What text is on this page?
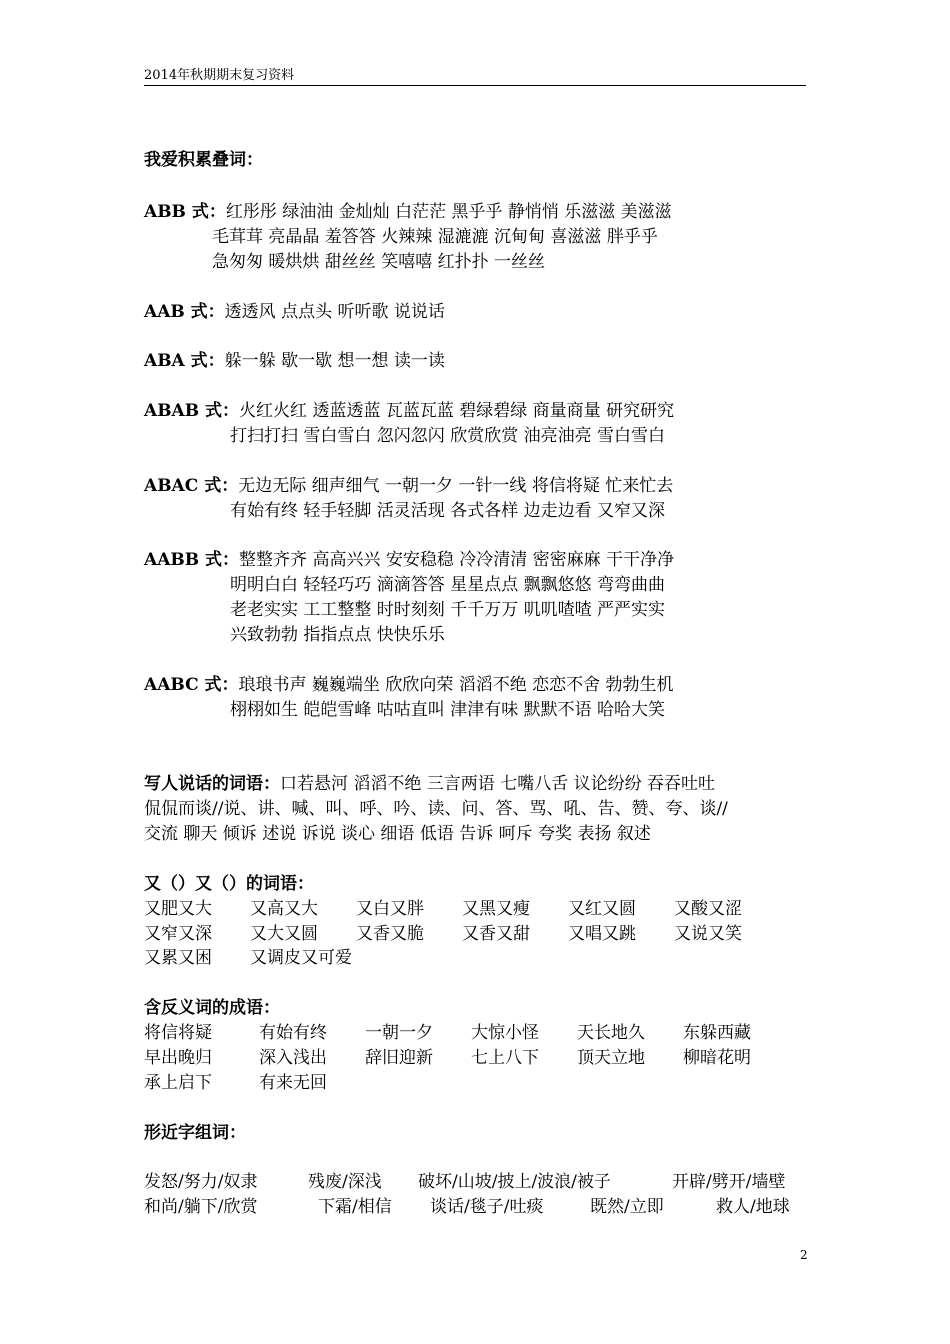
2014年秋期期末复习资料
我爱积累叠词：
ABB 式：红彤彤 绿油油 金灿灿 白茫茫 黑乎乎 静悄悄 乐滋滋 美滋滋
毛茸茸 亮晶晶 羞答答 火辣辣 湿漉漉 沉甸甸 喜滋滋 胖乎乎
急匆匆 暖烘烘 甜丝丝 笑嘻嘻 红扑扑 一丝丝
AAB 式：透透风 点点头 听听歌 说说话
ABA 式：躲一躲 歇一歇 想一想 读一读
ABAB 式：火红火红 透蓝透蓝 瓦蓝瓦蓝 碧绿碧绿 商量商量 研究研究
打扫打扫 雪白雪白 忽闪忽闪 欣赏欣赏 油亮油亮 雪白雪白
ABAC 式：无边无际 细声细气 一朝一夕 一针一线 将信将疑 忙来忙去
有始有终 轻手轻脚 活灵活现 各式各样 边走边看 又窄又深
AABB 式：整整齐齐 高高兴兴 安安稳稳 冷冷清清 密密麻麻 干干净净
明明白白 轻轻巧巧 滴滴答答 星星点点 飘飘悠悠 弯弯曲曲
老老实实 工工整整 时时刻刻 千千万万 叽叽喳喳 严严实实
兴致勃勃 指指点点 快快乐乐
AABC 式：琅琅书声 巍巍端坐 欣欣向荣 滔滔不绝 恋恋不舍 勃勃生机
栩栩如生 皑皑雪峰 咕咕直叫 津津有味 默默不语 哈哈大笑
写人说话的词语：口若悬河 滔滔不绝 三言两语 七嘴八舌 议论纷纷 吞吞吐吐
侃侃而谈//说、讲、喊、叫、呼、吟、读、问、答、骂、吼、告、赞、夸、谈//
交流 聊天 倾诉 述说 诉说 谈心 细语 低语 告诉 呵斥 夸奖 表扬 叙述
又（）又（）的词语：
又肥又大 又高又大 又白又胖 又黑又瘦 又红又圆 又酸又涩
又窄又深 又大又圆 又香又脆 又香又甜 又唱又跳 又说又笑
又累又困 又调皮又可爱
含反义词的成语：
将信将疑	有始有终 一朝一夕 大惊小怪 天长地久 东躲西藏
早出晚归	深入浅出 辞旧迎新 七上八下 顶天立地 柳暗花明
承上启下	有来无回
形近字组词：
发怒/努力/奴隶	残废/深浅 破坏/山坡/披上/波浪/被子	开辟/劈开/墙壁
和尚/躺下/欣赏	下霜/相信 谈话/毯子/吐痰	既然/立即	救人/地球
2
